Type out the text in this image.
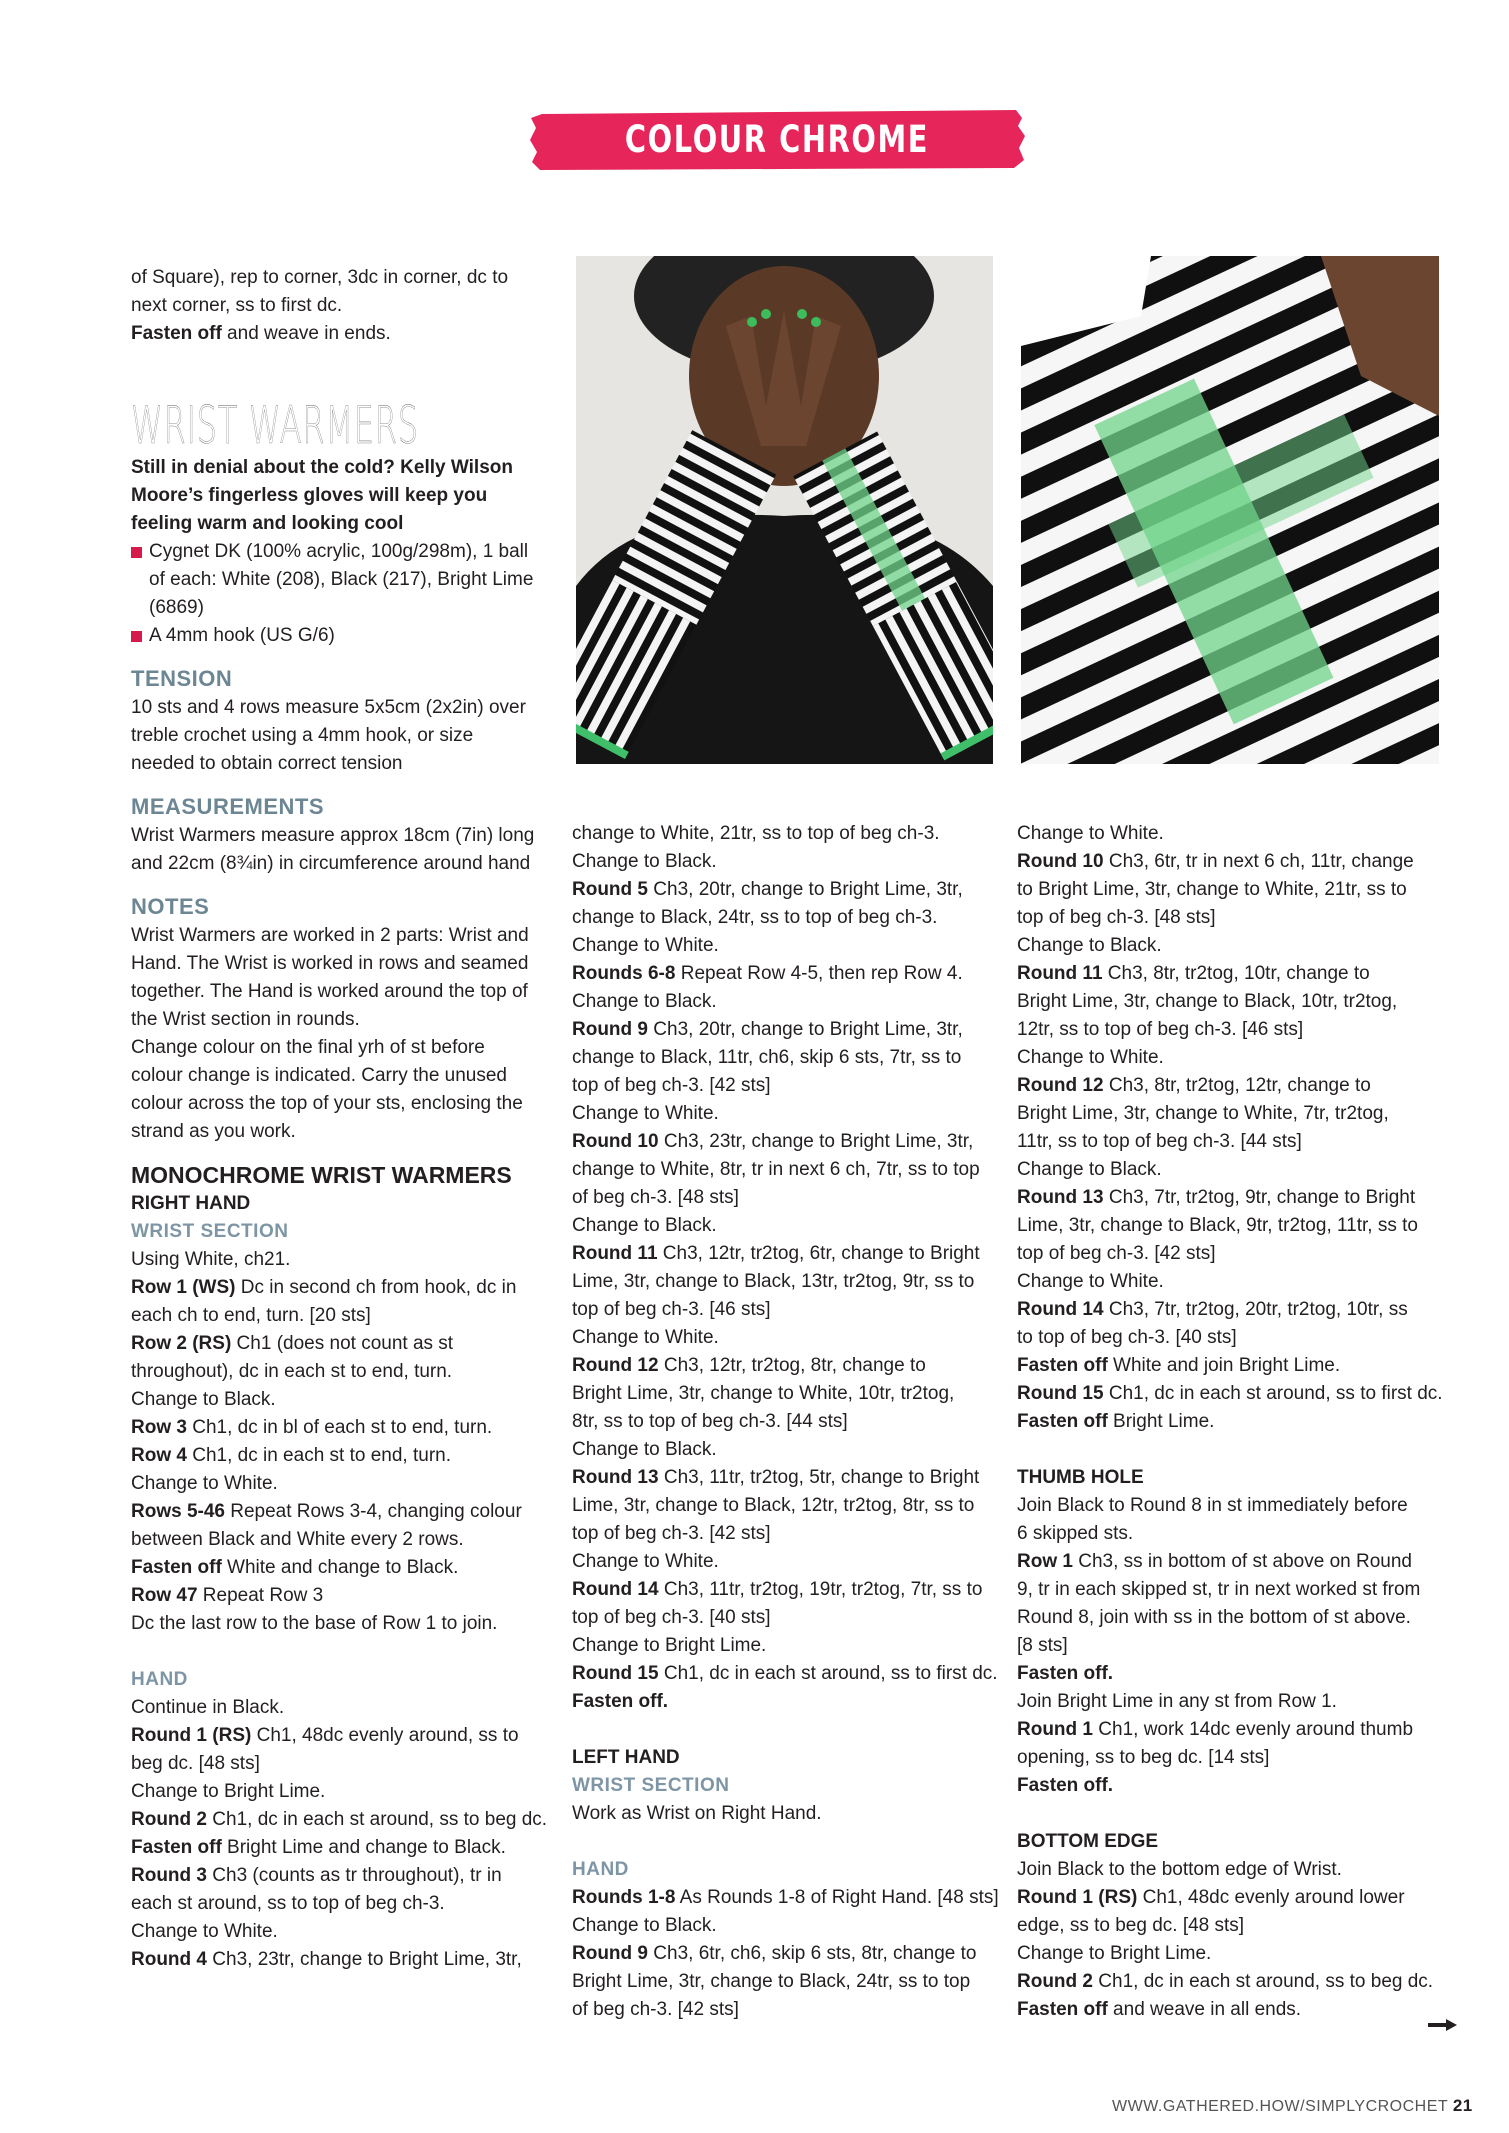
COLOUR CHROME COLLECTION

of Square), rep to corner, 3dc in corner, dc to

next corner, ss to first dc.

Fasten off and weave in ends.

WRIST WARMERS

Still in denial about the cold? Kelly Wilson

Moore’s fingerless gloves will keep you

feeling warm and looking cool

Cygnet DK (100% acrylic, 100g/298m), 1 ball

of each: White (208), Black (217), Bright Lime

(6869)

A 4mm hook (US G/6)

TENSION

10 sts and 4 rows measure 5x5cm (2x2in) over

treble crochet using a 4mm hook, or size

needed to obtain correct tension

MEASUREMENTS

Wrist Warmers measure approx 18cm (7in) long

and 22cm (8¾in) in circumference around hand

NOTES

Wrist Warmers are worked in 2 parts: Wrist and

Hand. The Wrist is worked in rows and seamed

together. The Hand is worked around the top of

the Wrist section in rounds.

Change colour on the final yrh of st before

colour change is indicated. Carry the unused

colour across the top of your sts, enclosing the

strand as you work.

MONOCHROME WRIST WARMERS

RIGHT HAND

WRIST SECTION

Using White, ch21.

Row 1 (WS) Dc in second ch from hook, dc in

each ch to end, turn. [20 sts]

Row 2 (RS) Ch1 (does not count as st

throughout), dc in each st to end, turn.

Change to Black.

Row 3 Ch1, dc in bl of each st to end, turn.

Row 4 Ch1, dc in each st to end, turn.

Change to White.

Rows 5-46 Repeat Rows 3-4, changing colour

between Black and White every 2 rows.

Fasten off White and change to Black.

Row 47 Repeat Row 3

Dc the last row to the base of Row 1 to join.

HAND

Continue in Black.

Round 1 (RS) Ch1, 48dc evenly around, ss to

beg dc. [48 sts]

Change to Bright Lime.

Round 2 Ch1, dc in each st around, ss to beg dc.

Fasten off Bright Lime and change to Black.

Round 3 Ch3 (counts as tr throughout), tr in

each st around, ss to top of beg ch-3.

Change to White.

Round 4 Ch3, 23tr, change to Bright Lime, 3tr,

change to White, 21tr, ss to top of beg ch-3.

Change to Black.

Round 5 Ch3, 20tr, change to Bright Lime, 3tr,

change to Black, 24tr, ss to top of beg ch-3.

Change to White.

Rounds 6-8 Repeat Row 4-5, then rep Row 4.

Change to Black.

Round 9 Ch3, 20tr, change to Bright Lime, 3tr,

change to Black, 11tr, ch6, skip 6 sts, 7tr, ss to

top of beg ch-3. [42 sts]

Change to White.

Round 10 Ch3, 23tr, change to Bright Lime, 3tr,

change to White, 8tr, tr in next 6 ch, 7tr, ss to top

of beg ch-3. [48 sts]

Change to Black.

Round 11 Ch3, 12tr, tr2tog, 6tr, change to Bright

Lime, 3tr, change to Black, 13tr, tr2tog, 9tr, ss to

top of beg ch-3. [46 sts]

Change to White.

Round 12 Ch3, 12tr, tr2tog, 8tr, change to

Bright Lime, 3tr, change to White, 10tr, tr2tog,

8tr, ss to top of beg ch-3. [44 sts]

Change to Black.

Round 13 Ch3, 11tr, tr2tog, 5tr, change to Bright

Lime, 3tr, change to Black, 12tr, tr2tog, 8tr, ss to

top of beg ch-3. [42 sts]

Change to White.

Round 14 Ch3, 11tr, tr2tog, 19tr, tr2tog, 7tr, ss to

top of beg ch-3. [40 sts]

Change to Bright Lime.

Round 15 Ch1, dc in each st around, ss to first dc.

Fasten off.

LEFT HAND

WRIST SECTION

Work as Wrist on Right Hand.

HAND

Rounds 1-8 As Rounds 1-8 of Right Hand. [48 sts]

Change to Black.

Round 9 Ch3, 6tr, ch6, skip 6 sts, 8tr, change to

Bright Lime, 3tr, change to Black, 24tr, ss to top

of beg ch-3. [42 sts]

Change to White.

Round 10 Ch3, 6tr, tr in next 6 ch, 11tr, change

to Bright Lime, 3tr, change to White, 21tr, ss to

top of beg ch-3. [48 sts]

Change to Black.

Round 11 Ch3, 8tr, tr2tog, 10tr, change to

Bright Lime, 3tr, change to Black, 10tr, tr2tog,

12tr, ss to top of beg ch-3. [46 sts]

Change to White.

Round 12 Ch3, 8tr, tr2tog, 12tr, change to

Bright Lime, 3tr, change to White, 7tr, tr2tog,

11tr, ss to top of beg ch-3. [44 sts]

Change to Black.

Round 13 Ch3, 7tr, tr2tog, 9tr, change to Bright

Lime, 3tr, change to Black, 9tr, tr2tog, 11tr, ss to

top of beg ch-3. [42 sts]

Change to White.

Round 14 Ch3, 7tr, tr2tog, 20tr, tr2tog, 10tr, ss

to top of beg ch-3. [40 sts]

Fasten off White and join Bright Lime.

Round 15 Ch1, dc in each st around, ss to first dc.

Fasten off Bright Lime.

THUMB HOLE

Join Black to Round 8 in st immediately before

6 skipped sts.

Row 1 Ch3, ss in bottom of st above on Round

9, tr in each skipped st, tr in next worked st from

Round 8, join with ss in the bottom of st above.

[8 sts]

Fasten off.

Join Bright Lime in any st from Row 1.

Round 1 Ch1, work 14dc evenly around thumb

opening, ss to beg dc. [14 sts]

Fasten off.

BOTTOM EDGE

Join Black to the bottom edge of Wrist.

Round 1 (RS) Ch1, 48dc evenly around lower

edge, ss to beg dc. [48 sts]

Change to Bright Lime.

Round 2 Ch1, dc in each st around, ss to beg dc.

Fasten off and weave in all ends.

WWW.GATHERED.HOW/SIMPLYCROCHET 21
